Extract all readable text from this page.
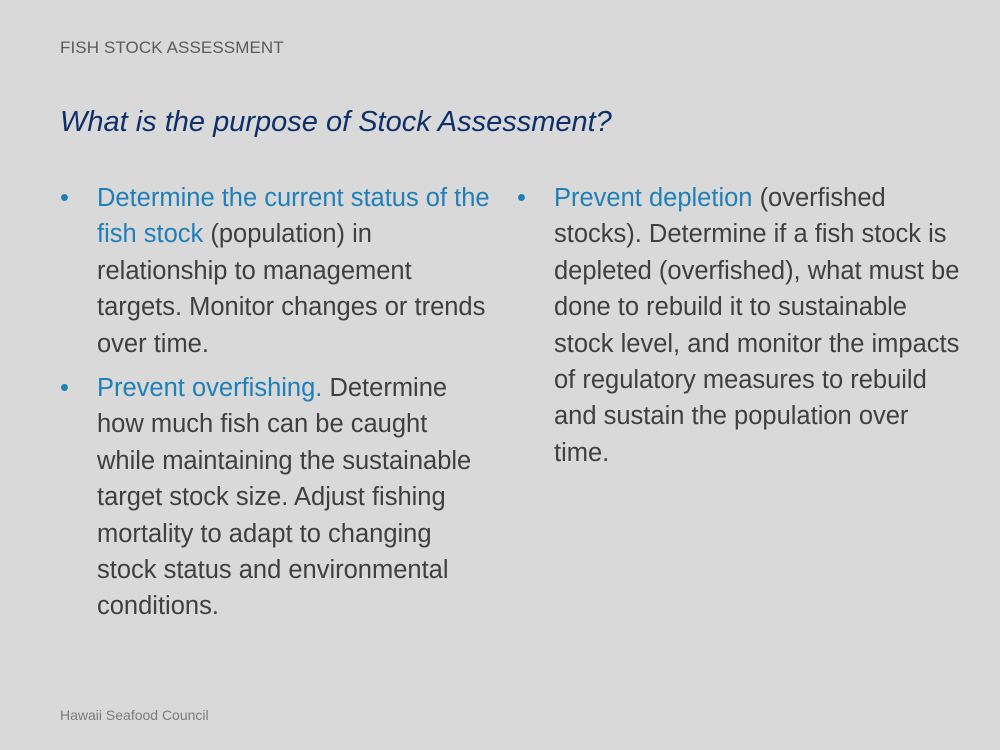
FISH STOCK ASSESSMENT
What is the purpose of Stock Assessment?
• Determine the current status of the fish stock (population) in relationship to management targets. Monitor changes or trends over time.
• Prevent overfishing. Determine how much fish can be caught while maintaining the sustainable target stock size. Adjust fishing mortality to adapt to changing stock status and environmental conditions.
• Prevent depletion (overfished stocks). Determine if a fish stock is depleted (overfished), what must be done to rebuild it to sustainable stock level, and monitor the impacts of regulatory measures to rebuild and sustain the population over time.
Hawaii Seafood Council
